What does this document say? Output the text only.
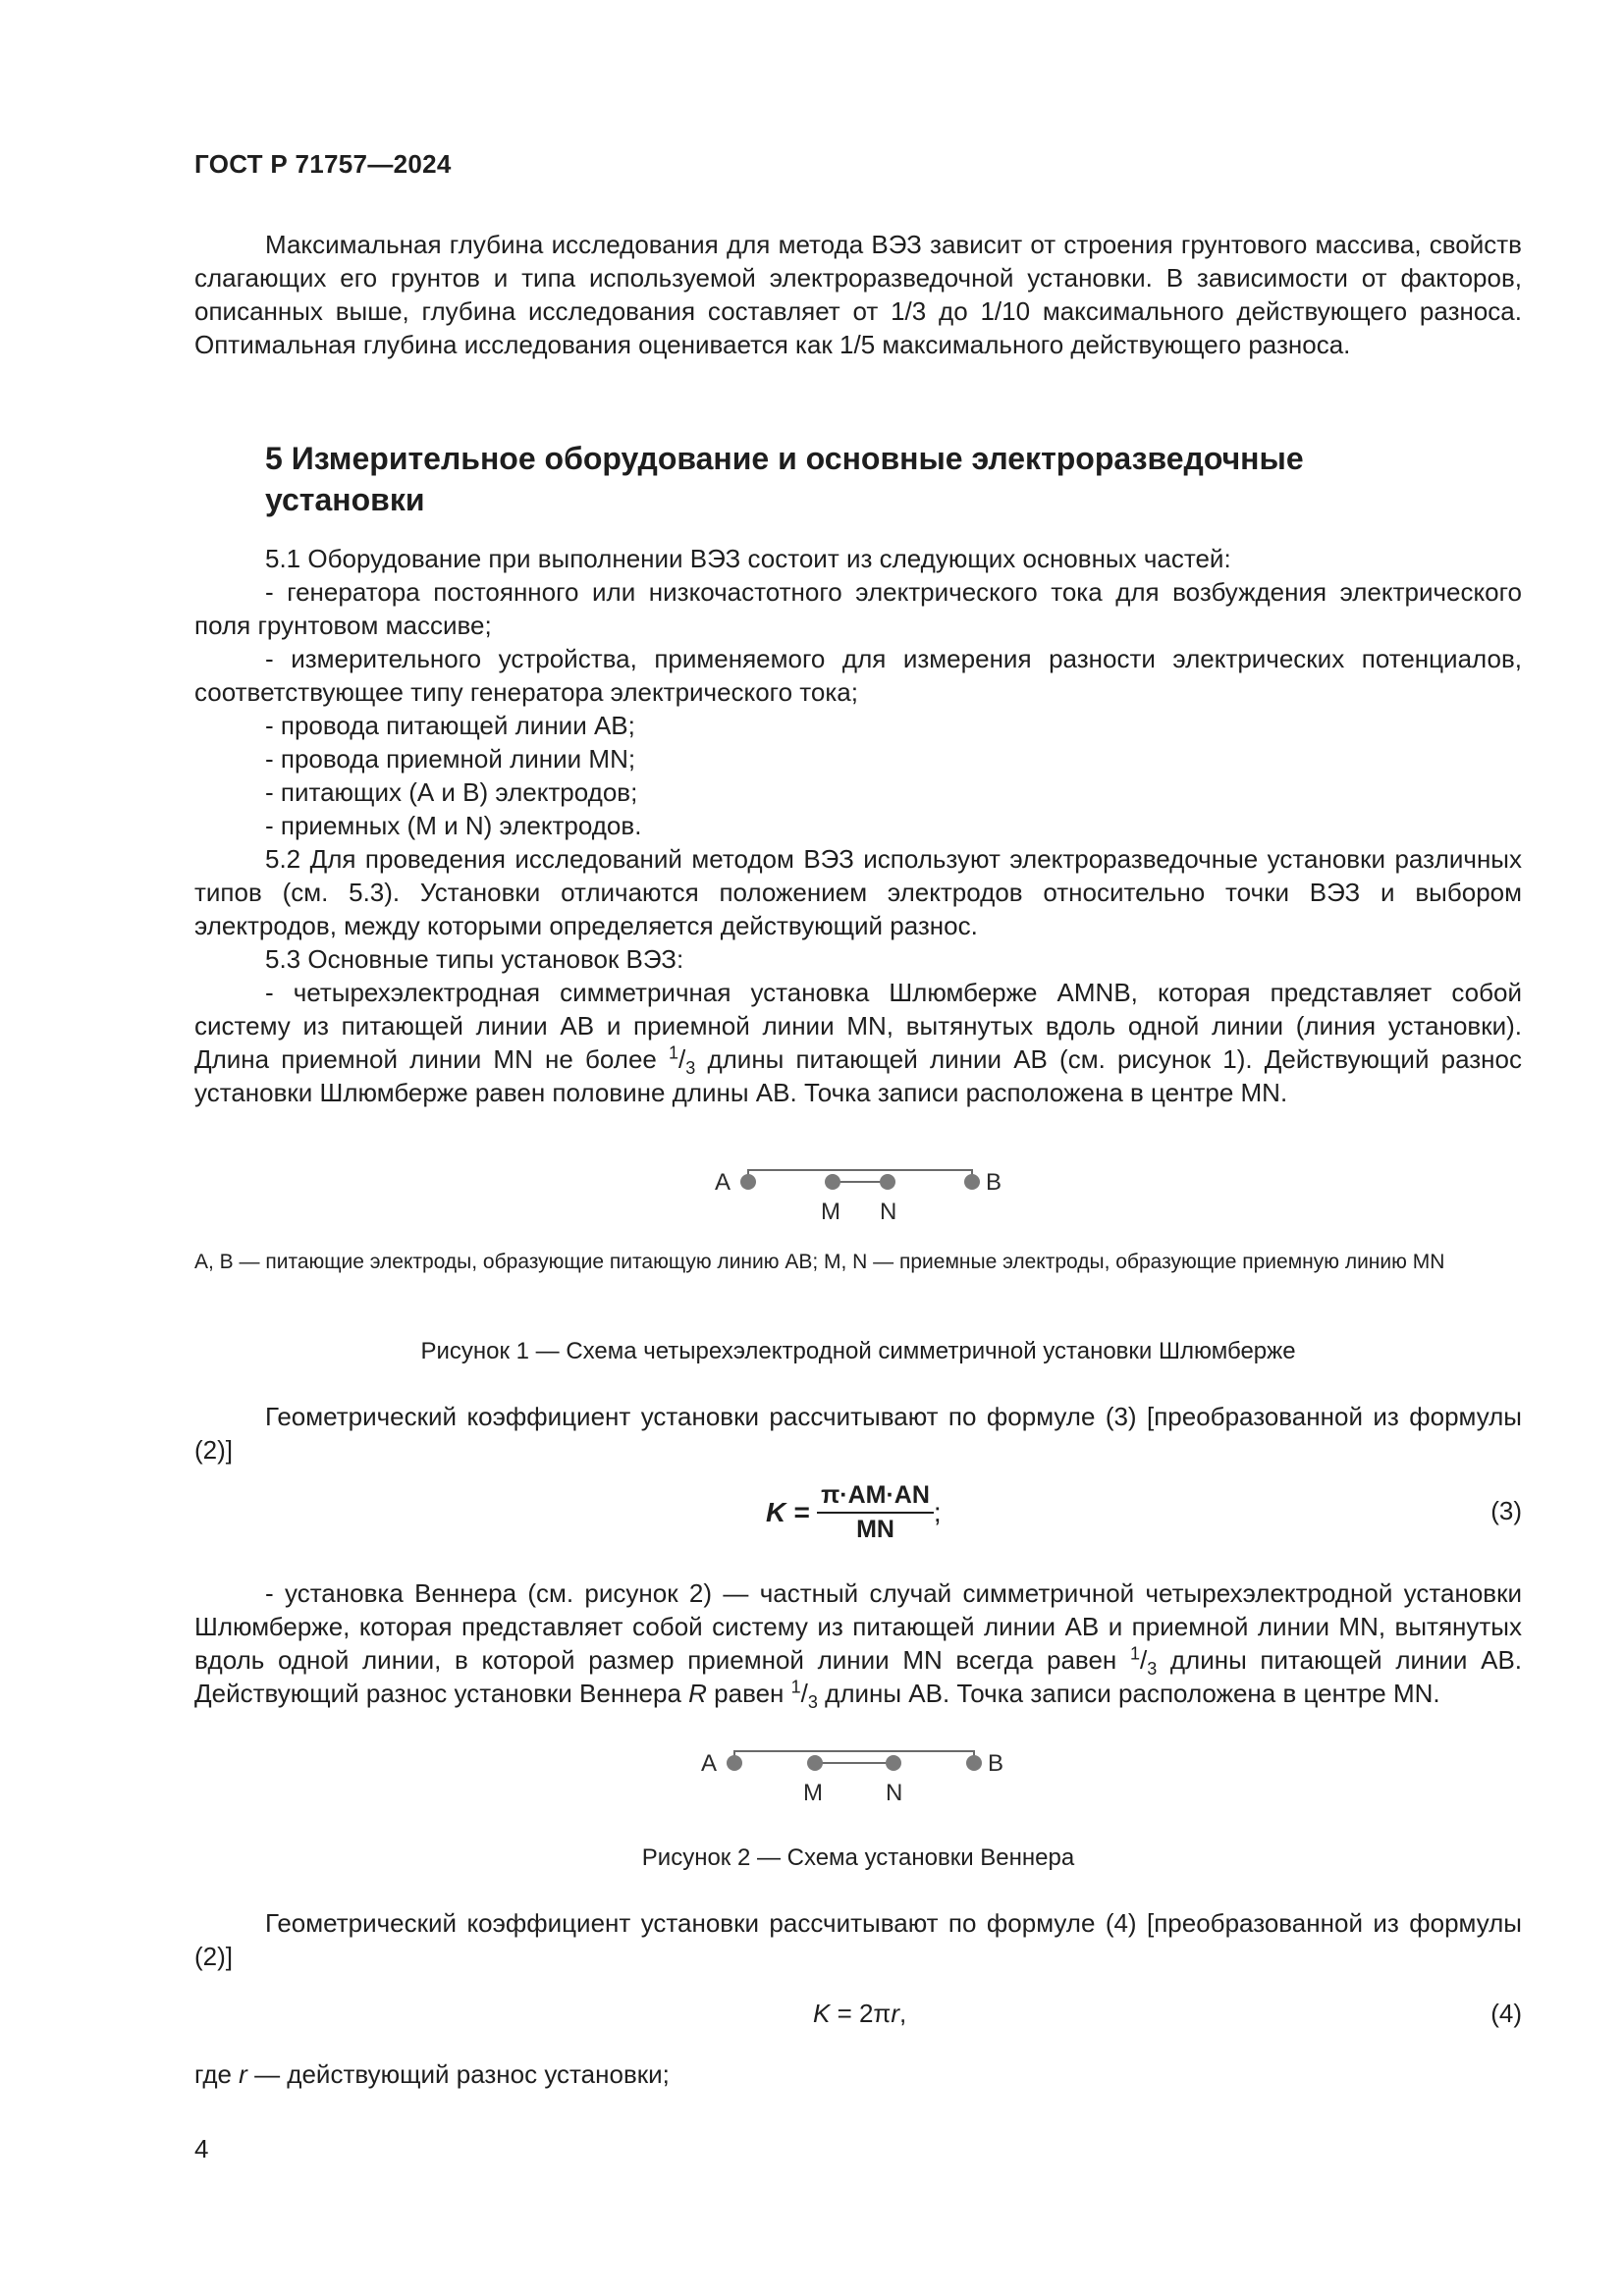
ГОСТ Р 71757—2024

Максимальная глубина исследования для метода ВЭЗ зависит от строения грунтового массива, свойств слагающих его грунтов и типа используемой электроразведочной установки. В зависимости от факторов, описанных выше, глубина исследования составляет от 1/3 до 1/10 максимального действующего разноса. Оптимальная глубина исследования оценивается как 1/5 максимального действующего разноса.

5 Измерительное оборудование и основные электроразведочные
установки

5.1 Оборудование при выполнении ВЭЗ состоит из следующих основных частей:

- генератора постоянного или низкочастотного электрического тока для возбуждения электрического поля грунтовом массиве;

- измерительного устройства, применяемого для измерения разности электрических потенциалов, соответствующее типу генератора электрического тока;

- провода питающей линии АВ;

- провода приемной линии MN;

- питающих (А и В) электродов;

- приемных (М и N) электродов.

5.2 Для проведения исследований методом ВЭЗ используют электроразведочные установки различных типов (см. 5.3). Установки отличаются положением электродов относительно точки ВЭЗ и выбором электродов, между которыми определяется действующий разнос.

5.3 Основные типы установок ВЭЗ:

- четырехэлектродная симметричная установка Шлюмберже AMNB, которая представляет собой систему из питающей линии АВ и приемной линии MN, вытянутых вдоль одной линии (линия установки). Длина приемной линии MN не более $^1/_3$ длины питающей линии АВ (см. рисунок 1). Действующий разнос установки Шлюмберже равен половине длины АВ. Точка записи расположена в центре MN.

A	B
M N
А, В — питающие электроды, образующие питающую линию АВ; М, N — приемные электроды, образующие приемную линию MN
Рисунок 1 — Схема четырехэлектродной симметричной установки Шлюмберже

Геометрический коэффициент установки рассчитывают по формуле (3) [преобразованной из формулы (2)]

$K = \frac{\pi\cdot AM\cdot AN}{MN}$ ;	(3)

- установка Веннера (см. рисунок 2) — частный случай симметричной четырехэлектродной установки Шлюмберже, которая представляет собой систему из питающей линии АВ и приемной линии MN, вытянутых вдоль одной линии, в которой размер приемной линии MN всегда равен $^1/_3$ длины питающей линии АВ. Действующий разнос установки Веннера R равен $^1/_3$ длины АВ. Точка записи расположена в центре MN.

A	B
M	N
Рисунок 2 — Схема установки Веннера

Геометрический коэффициент установки рассчитывают по формуле (4) [преобразованной из формулы (2)]

K = 2πr,	(4)

где r — действующий разнос установки;

4
